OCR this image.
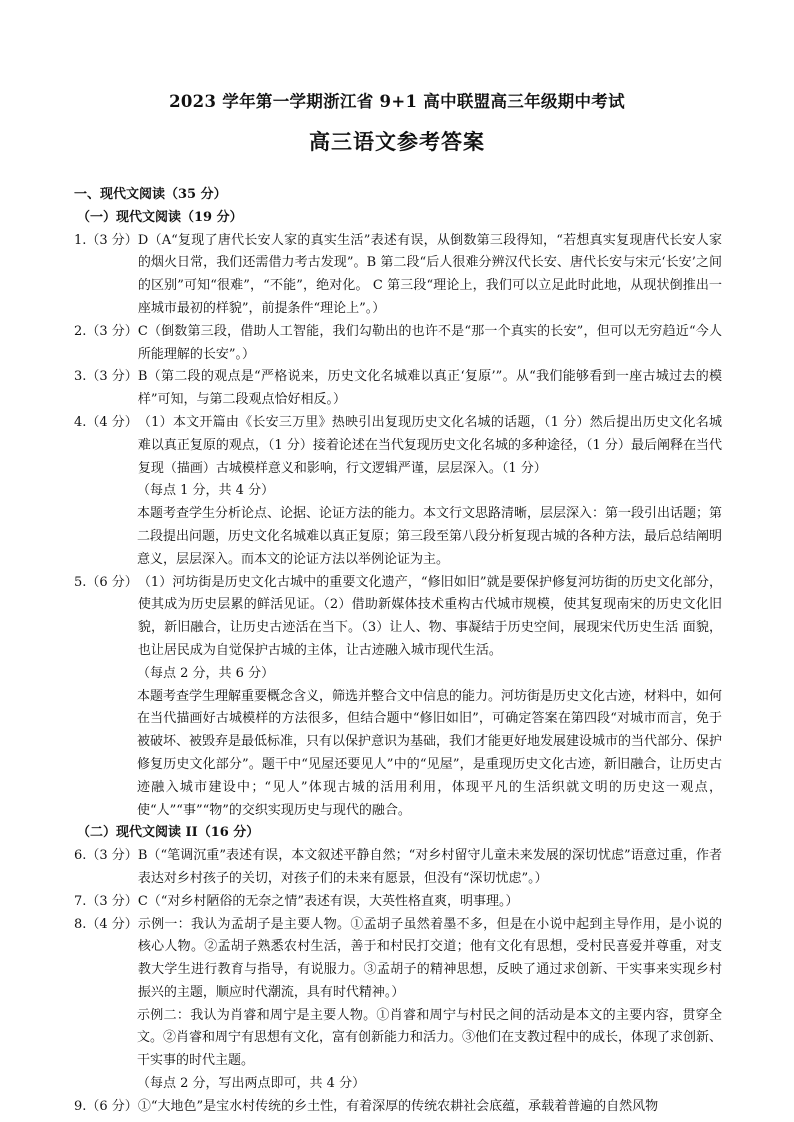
2023 学年第一学期浙江省 9+1 高中联盟高三年级期中考试
高三语文参考答案
一、现代文阅读（35 分）
（一）现代文阅读（19 分）
1.（3 分） D（A“复现了唐代长安人家的真实生活”表述有误，从倒数第三段得知，“若想真实复现唐代长安人家的烟火日常，我们还需借力考古发现”。B 第二段“后人很难分辨汉代长安、唐代长安与宋元‘长安’之间的区别”可知“很难”，“不能”，绝对化。 C 第三段“理论上，我们可以立足此时此地，从现状倒推出一座城市最初的样貌”，前提条件“理论上”。）
2.（3 分） C（倒数第三段，借助人工智能，我们勾勒出的也许不是“那一个真实的长安”，但可以无穷趋近“今人所能理解的长安”。）
3.（3 分） B（第二段的观点是“严格说来，历史文化名城难以真正‘复原’”。从“我们能够看到一座古城过去的模样”可知，与第二段观点恰好相反。）
4.（4 分） （1）本文开篇由《长安三万里》热映引出复现历史文化名城的话题，（1 分）然后提出历史文化名城难以真正复原的观点，（1 分）接着论述在当代复现历史文化名城的多种途径，（1 分）最后阐释在当代复现（描画）古城模样意义和影响，行文逻辑严谨，层层深入。（1 分）
（每点 1 分，共 4 分）
本题考查学生分析论点、论据、论证方法的能力。本文行文思路清晰，层层深入：第一段引出话题；第二段提出问题，历史文化名城难以真正复原；第三段至第八段分析复现古城的各种方法，最后总结阐明意义，层层深入。而本文的论证方法以举例论证为主。
5.（6 分） （1）河坊街是历史文化古城中的重要文化遗产，“修旧如旧”就是要保护修复河坊街的历史文化部分，使其成为历史层累的鲜活见证。（2）借助新媒体技术重构古代城市规模，使其复现南宋的历史文化旧貌，新旧融合，让历史古迹活在当下。（3）让人、物、事凝结于历史空间，展现宋代历史生活 面貌，也让居民成为自觉保护古城的主体，让古迹融入城市现代生活。
（每点 2 分，共 6 分）
本题考查学生理解重要概念含义，筛选并整合文中信息的能力。河坊街是历史文化古迹，材料中，如何在当代描画好古城模样的方法很多，但结合题中“修旧如旧”，可确定答案在第四段“对城市而言，免于被破坏、被毁弃是最低标准，只有以保护意识为基础，我们才能更好地发展建设城市的当代部分、保护修复历史文化部分”。题干中“见屋还要见人”中的“见屋”，是重现历史文化古迹，新旧融合，让历史古迹融入城市建设中；“见人”体现古城的活用利用，体现平凡的生活织就文明的历史这一观点，使“人”“事”“物”的交织实现历史与现代的融合。
（二）现代文阅读 II（16 分）
6.（3 分） B（“笔调沉重”表述有误，本文叙述平静自然；“对乡村留守儿童未来发展的深切忧虑”语意过重，作者表达对乡村孩子的关切，对孩子们的未来有愿景，但没有“深切忧虑”。）
7.（3 分） C（“对乡村陋俗的无奈之情”表述有误，大英性格直爽，明事理。）
8.（4 分） 示例一：我认为孟胡子是主要人物。①孟胡子虽然着墨不多，但是在小说中起到主导作用，是小说的核心人物。②孟胡子熟悉农村生活，善于和村民打交道；他有文化有思想，受村民喜爱并尊重，对支教大学生进行教育与指导，有说服力。③孟胡子的精神思想，反映了通过求创新、干实事来实现乡村振兴的主题，顺应时代潮流，具有时代精神。）
示例二：我认为肖睿和周宁是主要人物。①肖睿和周宁与村民之间的活动是本文的主要内容，贯穿全文。②肖睿和周宁有思想有文化，富有创新能力和活力。③他们在支教过程中的成长，体现了求创新、干实事的时代主题。
（每点 2 分，写出两点即可，共 4 分）
9.（6 分） ①“大地色”是宝水村传统的乡土性，有着深厚的传统农耕社会底蕴，承载着普遍的自然风物
